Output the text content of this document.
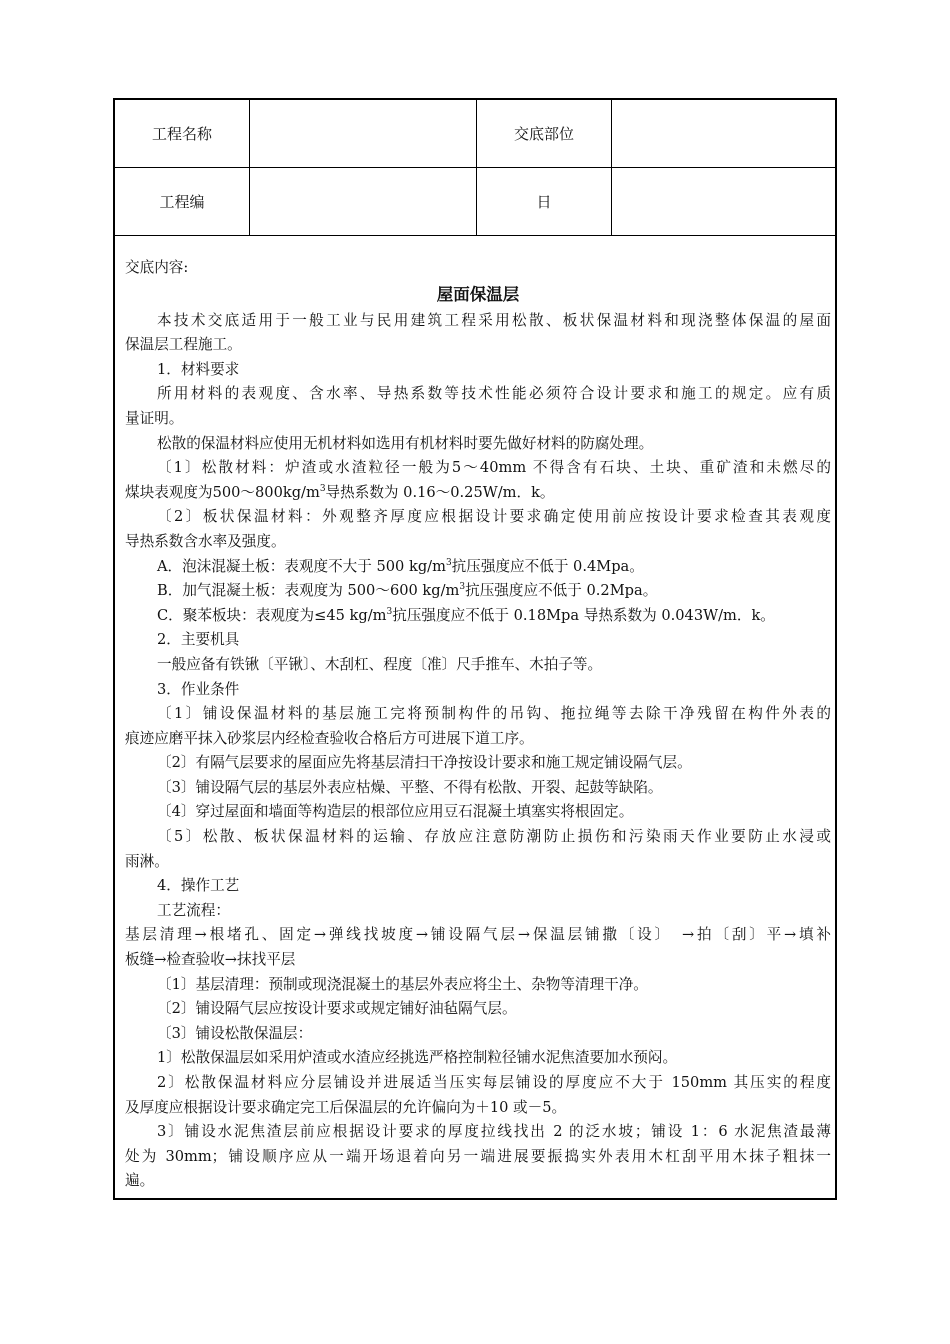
工程名称	交底部位
工程编	日
交底内容:
屋面保温层
本技术交底适用于一般工业与民用建筑工程采用松散、板状保温材料和现浇整体保温的屋面
保温层工程施工。
1．材料要求
所用材料的表观度、含水率、导热系数等技术性能必须符合设计要求和施工的规定。应有质
量证明。
松散的保温材料应使用无机材料如选用有机材料时要先做好材料的防腐处理。
〔1〕松散材料：炉渣或水渣粒径一般为5～40mm 不得含有石块、土块、重矿渣和未燃尽的
煤块表观度为$500\sim 800kg/m^3$导热系数为 0.16～0.25W/m．k。
〔2〕板状保温材料：外观整齐厚度应根据设计要求确定使用前应按设计要求检查其表观度
导热系数含水率及强度。
A．泡沫混凝土板：表观度不大于 500 $kg/m^3$抗压强度应不低于 0.4Mpa。
B．加气混凝土板：表观度为 500～600 $kg/m^3$抗压强度应不低于 0.2Mpa。
C．聚苯板块：表观度为≤45 $kg/m^3$抗压强度应不低于 0.18Mpa 导热系数为 0.043W/m．k。
2．主要机具
一般应备有铁锹〔平锹〕、木刮杠、程度〔准〕尺手推车、木拍子等。
3．作业条件
〔1〕铺设保温材料的基层施工完将预制构件的吊钩、拖拉绳等去除干净残留在构件外表的
痕迹应磨平抹入砂浆层内经检查验收合格后方可进展下道工序。
〔2〕有隔气层要求的屋面应先将基层清扫干净按设计要求和施工规定铺设隔气层。
〔3〕铺设隔气层的基层外表应枯燥、平整、不得有松散、开裂、起鼓等缺陷。
〔4〕穿过屋面和墙面等构造层的根部位应用豆石混凝土填塞实将根固定。
〔5〕松散、板状保温材料的运输、存放应注意防潮防止损伤和污染雨天作业要防止水浸或
雨淋。
4．操作工艺
工艺流程：
基层清理→根堵孔、固定→弹线找坡度→铺设隔气层→保温层铺撒〔设〕　→拍〔刮〕平→填补
板缝→检查验收→抹找平层
〔1〕基层清理：预制或现浇混凝土的基层外表应将尘土、杂物等清理干净。
〔2〕铺设隔气层应按设计要求或规定铺好油毡隔气层。
〔3〕铺设松散保温层：
1〕松散保温层如采用炉渣或水渣应经挑选严格控制粒径铺水泥焦渣要加水预闷。
2〕松散保温材料应分层铺设并进展适当压实每层铺设的厚度应不大于 150mm 其压实的程度
及厚度应根据设计要求确定完工后保温层的允许偏向为＋10 或－5。
3〕铺设水泥焦渣层前应根据设计要求的厚度拉线找出 2 的泛水坡；铺设 1：6 水泥焦渣最薄
处为 30mm；铺设顺序应从一端开场退着向另一端进展要振捣实外表用木杠刮平用木抹子粗抹一
遍。
